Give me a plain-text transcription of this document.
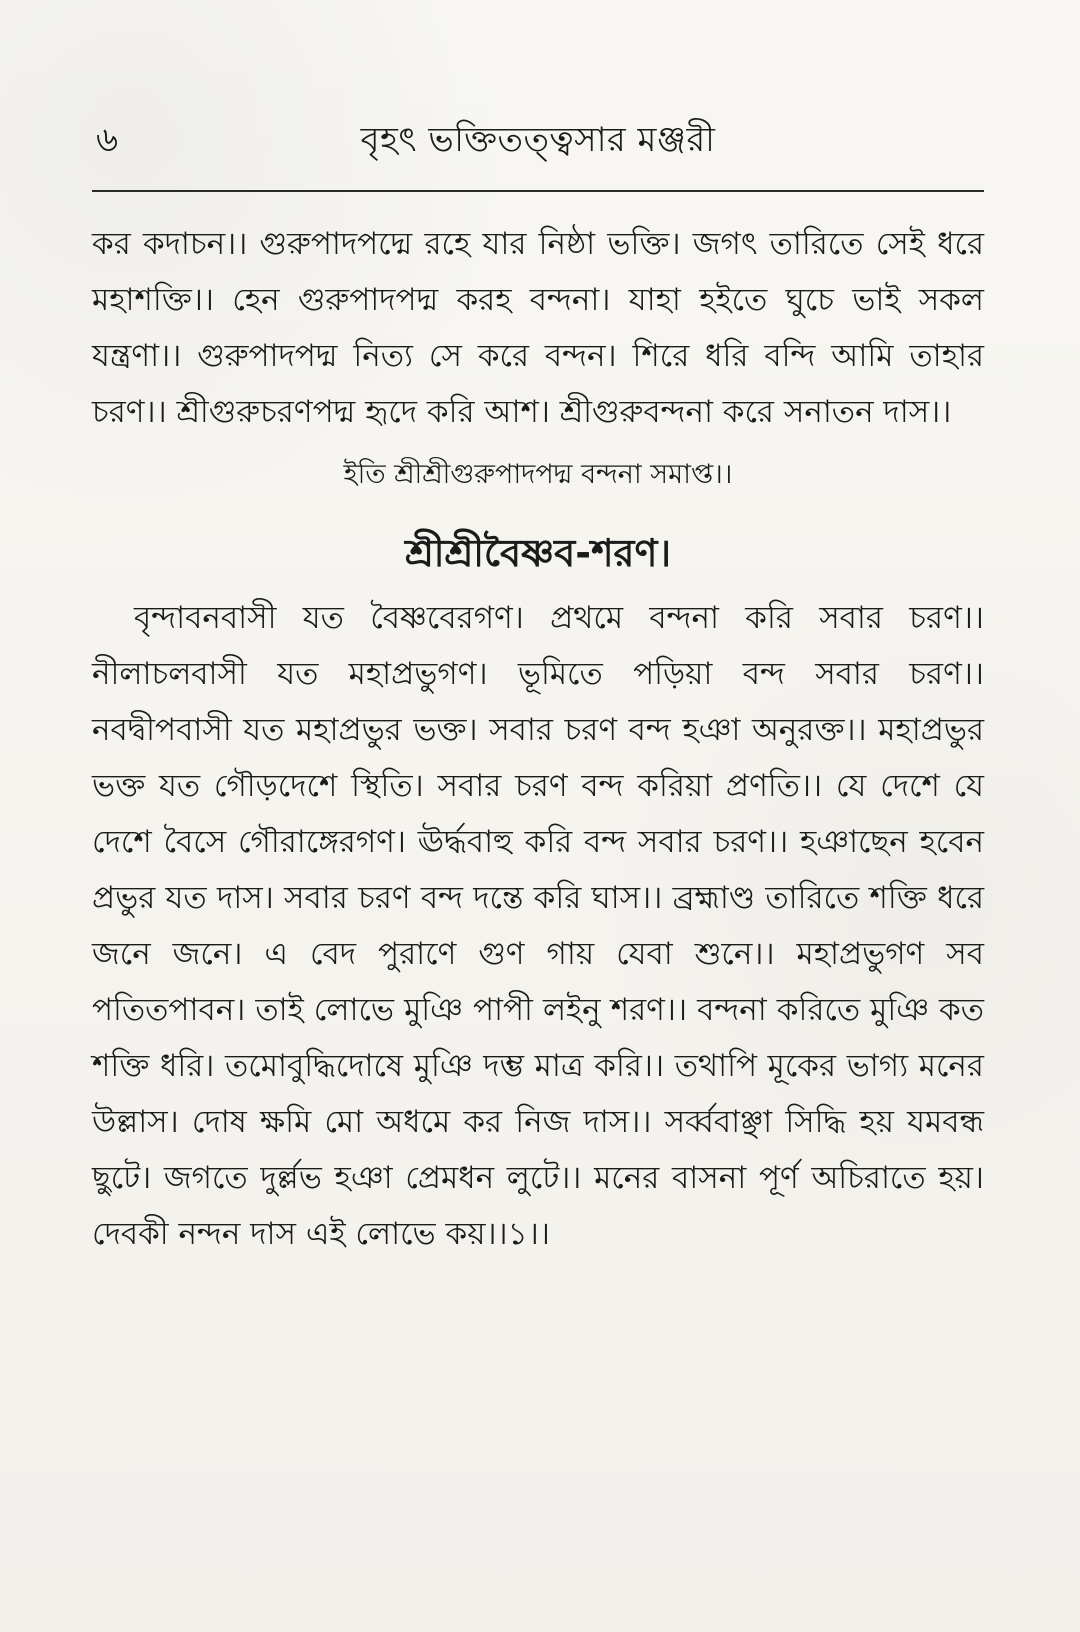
৬	বৃহৎ ভক্তিতত্ত্বসার মঞ্জরী

কর কদাচন।। গুরুপাদপদ্মে রহে যার নিষ্ঠা ভক্তি। জগৎ তারিতে সেই ধরে মহাশক্তি।। হেন গুরুপাদপদ্ম করহ বন্দনা। যাহা হইতে ঘুচে ভাই সকল যন্ত্রণা।। গুরুপাদপদ্ম নিত্য সে করে বন্দন। শিরে ধরি বন্দি আমি তাহার চরণ।। শ্রীগুরুচরণপদ্ম হৃদে করি আশ। শ্রীগুরুবন্দনা করে সনাতন দাস।।

ইতি শ্রীশ্রীগুরুপাদপদ্ম বন্দনা সমাপ্ত।।
শ্রীশ্রীবৈষ্ণব-শরণ।

বৃন্দাবনবাসী যত বৈষ্ণবেরগণ। প্রথমে বন্দনা করি সবার চরণ।। নীলাচলবাসী যত মহাপ্রভুগণ। ভূমিতে পড়িয়া বন্দ সবার চরণ।। নবদ্বীপবাসী যত মহাপ্রভুর ভক্ত। সবার চরণ বন্দ হঞা অনুরক্ত।। মহাপ্রভুর ভক্ত যত গৌড়দেশে স্থিতি। সবার চরণ বন্দ করিয়া প্রণতি।। যে দেশে যে দেশে বৈসে গৌরাঙ্গেরগণ। ঊর্দ্ধবাহু করি বন্দ সবার চরণ।। হঞাছেন হবেন প্রভুর যত দাস। সবার চরণ বন্দ দন্তে করি ঘাস।। ব্রহ্মাণ্ড তারিতে শক্তি ধরে জনে জনে। এ বেদ পুরাণে গুণ গায় যেবা শুনে।। মহাপ্রভুগণ সব পতিতপাবন। তাই লোভে মুঞি পাপী লইনু শরণ।। বন্দনা করিতে মুঞি কত শক্তি ধরি। তমোবুদ্ধিদোষে মুঞি দম্ভ মাত্র করি।। তথাপি মূকের ভাগ্য মনের উল্লাস। দোষ ক্ষমি মো অধমে কর নিজ দাস।। সর্ব্ববাঞ্ছা সিদ্ধি হয় যমবন্ধ ছুটে। জগতে দুর্ল্লভ হঞা প্রেমধন লুটে।। মনের বাসনা পূর্ণ অচিরাতে হয়। দেবকী নন্দন দাস এই লোভে কয়।।১।।
